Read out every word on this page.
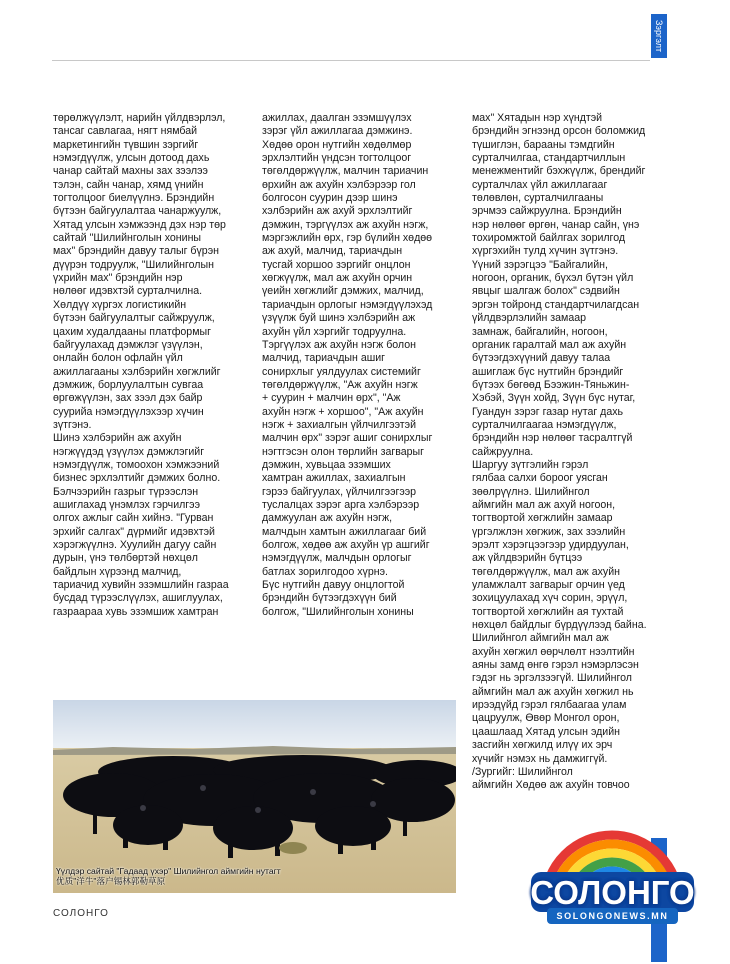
Зэргэлт
төрөлжүүлэлт, нарийн үйлдвэрлэл,
тансаг савлагаа, нягт нямбай
маркетингийн түвшин зэргийг
нэмэгдүүлж, улсын дотоод дахь
чанар сайтай махны зах зээлээ
тэлэн, сайн чанар, хямд үнийн
тогтолцоог биелүүлнэ. Брэндийн
бүтээн байгуулалтаа чанаржуулж,
Хятад улсын хэмжээнд дэх нэр төр
сайтай "Шилийнголын хонины
мах" брэндийн давуу талыг бүрэн
дүүрэн тодруулж, "Шилийнголын
үхрийн мах" брэндийн нэр
нөлөөг идэвхтэй сурталчилна.
Хөлдүү хүргэх логистикийн
бүтээн байгуулалтыг сайжруулж,
цахим худалдааны платформыг
байгуулахад дэмжлэг үзүүлэн,
онлайн болон офлайн үйл
ажиллагааны хэлбэрийн хөгжлийг
дэмжиж, борлуулалтын сувгаа
өргөжүүлэн, зах зээл дэх байр
суурийа нэмэгдүүлэхээр хүчин
зүтгэнэ.
Шинэ хэлбэрийн аж ахуйн
нэгжүүдэд үзүүлэх дэмжлэгийг
нэмэгдүүлж, томоохон хэмжээний
бизнес эрхлэлтийг дэмжих болно.
Бэлчээрийн газрыг түрээслэн
ашиглахад үнэмлэх гэрчилгээ
олгох ажлыг сайн хийнэ. "Гурван
эрхийг салгах" дүрмийг идэвхтэй
хэрэгжүүлнэ. Хуулийн дагуу сайн
дурын, үнэ төлбөртэй нөхцөл
байдлын хүрээнд малчид,
тариачид хувийн эзэмшлийн газраа
бусдад түрээслүүлэх, ашиглуулах,
газраараа хувь эзэмшиж хамтран
ажиллах, даалган эзэмшүүлэх
зэрэг үйл ажиллагаа дэмжинэ.
Хөдөө орон нутгийн хөдөлмөр
эрхлэлтийн үндсэн тогтолцоог
төгөлдөржүүлж, малчин тариачин
өрхийн аж ахуйн хэлбэрээр гол
болгосон суурин дээр шинэ
хэлбэрийн аж ахуй эрхлэлтийг
дэмжин, тэргүүлэх аж ахуйн нэгж,
мэргэжлийн өрх, гэр бүлийн хөдөө
аж ахуй, малчид, тариачдын
тусгай хоршоо зэргийг онцлон
хөгжүүлж, мал аж ахуйн орчин
үеийн хөгжлийг дэмжих, малчид,
тариачдын орлогыг нэмэгдүүлэхэд
үзүүлж буй шинэ хэлбэрийн аж
ахуйн үйл хэргийг тодруулна.
Тэргүүлэх аж ахуйн нэгж болон
малчид, тариачдын ашиг
сонирхлыг уялдуулах системийг
төгөлдөржүүлж, "Аж ахуйн нэгж
+ суурин + малчин өрх", "Аж
ахуйн нэгж + хоршоо", "Аж ахуйн
нэгж + захиалгын үйлчилгээтэй
малчин өрх" зэрэг ашиг сонирхлыг
нэгтгэсэн олон төрлийн загварыг
дэмжин, хувьцаа эзэмших
хамтран ажиллах, захиалгын
гэрээ байгуулах, үйлчилгээгээр
туслалцах зэрэг арга хэлбэрээр
дамжуулан аж ахуйн нэгж,
малчдын хамтын ажиллагааг бий
болгож, хөдөө аж ахуйн үр ашгийг
нэмэгдүүлж, малчдын орлогыг
батлах зорилгодоо хүрнэ.
Бүс нутгийн давуу онцлогтой
брэндийн бүтээгдэхүүн бий
болгож, "Шилийнголын хонины
мах" Хятадын нэр хүндтэй
брэндийн эгнээнд орсон боломжид
түшиглэн, барааны тэмдгийн
сурталчилгаа, стандартчиллын
менежментийг бэхжүүлж, брендийг
сурталчлах үйл ажиллагааг
төлөвлөн, сурталчилгааны
эрчмээ сайжруулна. Брэндийн
нэр нөлөөг өргөн, чанар сайн, үнэ
тохиромжтой байлгах зорилгод
хүргэхийн тулд хүчин зүтгэнэ.
Үүний зэрэгцээ "Байгалийн,
ногоон, органик, бүхэл бүтэн үйл
явцыг шалгаж болох" сэдвийн
эргэн тойронд стандартчилагдсан
үйлдвэрлэлийн замаар
замнаж, байгалийн, ногоон,
органик гаралтай мал аж ахуйн
бүтээгдэхүүний давуу талаа
ашиглаж бүс нутгийн брэндийг
бүтээх бөгөөд Бээжин-Тяньжин-
Хэбэй, Зүүн хойд, Зүүн бүс нутаг,
Гуандун зэрэг газар нутаг дахь
сурталчилгаагаа нэмэгдүүлж,
брэндийн нэр нөлөөг тасралтгүй
сайжруулна.
Шаргуу зүтгэлийн гэрэл
гялбаа салхи бороог уясган
зөөлрүүлнэ. Шилийнгол
аймгийн мал аж ахуй ногоон,
тогтвортой хөгжлийн замаар
үргэлжлэн хөгжиж, зах зээлийн
эрэлт хэрэгцээгээр удирдуулан,
аж үйлдвэрийн бүтцээ
төгөлдөржүүлж, мал аж ахуйн
уламжлалт загварыг орчин үед
зохицуулахад хүч сорин, эрүүл,
тогтвортой хөгжлийн ая тухтай
нөхцөл байдлыг бүрдүүлээд байна.
Шилийнгол аймгийн мал аж
ахуйн хөгжил өөрчлөлт нээлтийн
аяны замд өнгө гэрэл нэмэрлэсэн
гэдэг нь эргэлзээгүй. Шилийнгол
аймгийн мал аж ахуйн хөгжил нь
ирээдүйд гэрэл гялбаагаа улам
цацруулж, Өвөр Монгол орон,
цаашлаад Хятад улсын эдийн
засгийн хөгжилд илүү их эрч
хүчийг нэмэх нь дамжиггүй.
/Зургийг: Шилийнгол
аймгийн Хөдөө аж ахуйн товчоо
Үүлдэр сайтай "Гадаад үхэр" Шилийнгол аймгийн нутагт
优质"洋牛"落户锡林郭勒草原
СОЛОНГО
СОЛОНГО
SOLONGONEWS.MN
